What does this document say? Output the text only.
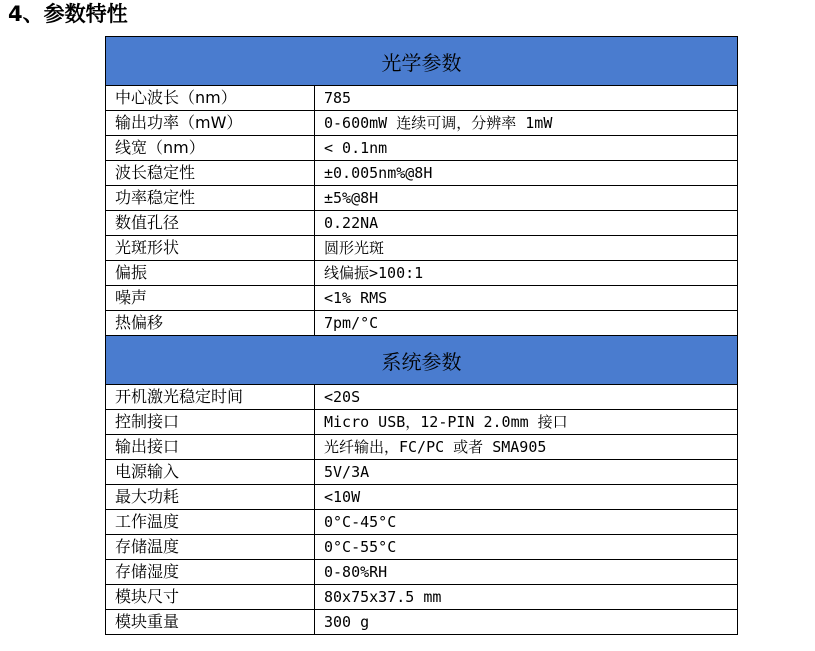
4、参数特性
光学参数	
中心波长（nm）	785
输出功率（mW）	0-600mW 连续可调，分辨率 1mW
线宽（nm）	< 0.1nm
波长稳定性	±0.005nm%@8H
功率稳定性	±5%@8H
数值孔径	0.22NA
光斑形状	圆形光斑
偏振	线偏振>100:1
噪声	<1% RMS
热偏移	7pm/°C
系统参数	
开机激光稳定时间	<20S
控制接口	Micro USB，12-PIN 2.0mm 接口
输出接口	光纤输出，FC/PC 或者 SMA905
电源输入	5V/3A
最大功耗	<10W
工作温度	0°C-45°C
存储温度	0°C-55°C
存储湿度	0-80%RH
模块尺寸	80x75x37.5 mm
模块重量	300 g
